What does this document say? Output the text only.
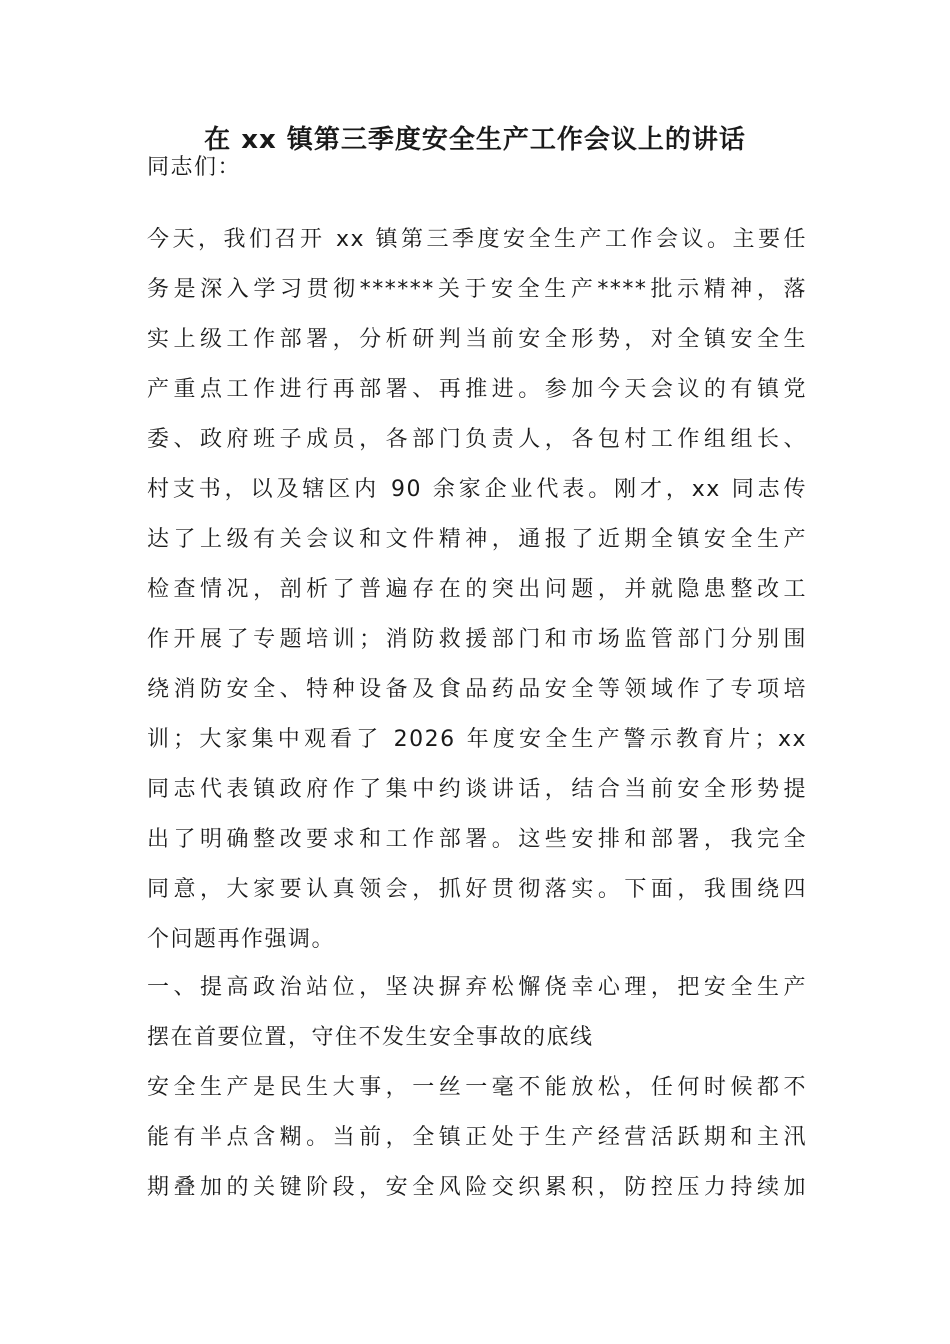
在 xx 镇第三季度安全生产工作会议上的讲话
同志们：
今天，我们召开 xx 镇第三季度安全生产工作会议。主要任
务是深入学习贯彻******关于安全生产****批示精神，落
实上级工作部署，分析研判当前安全形势，对全镇安全生
产重点工作进行再部署、再推进。参加今天会议的有镇党
委、政府班子成员，各部门负责人，各包村工作组组长、
村支书，以及辖区内 90 余家企业代表。刚才，xx 同志传
达了上级有关会议和文件精神，通报了近期全镇安全生产
检查情况，剖析了普遍存在的突出问题，并就隐患整改工
作开展了专题培训；消防救援部门和市场监管部门分别围
绕消防安全、特种设备及食品药品安全等领域作了专项培
训；大家集中观看了 2026 年度安全生产警示教育片；xx
同志代表镇政府作了集中约谈讲话，结合当前安全形势提
出了明确整改要求和工作部署。这些安排和部署，我完全
同意，大家要认真领会，抓好贯彻落实。下面，我围绕四
个问题再作强调。
一、提高政治站位，坚决摒弃松懈侥幸心理，把安全生产
摆在首要位置，守住不发生安全事故的底线
安全生产是民生大事，一丝一毫不能放松，任何时候都不
能有半点含糊。当前，全镇正处于生产经营活跃期和主汛
期叠加的关键阶段，安全风险交织累积，防控压力持续加
